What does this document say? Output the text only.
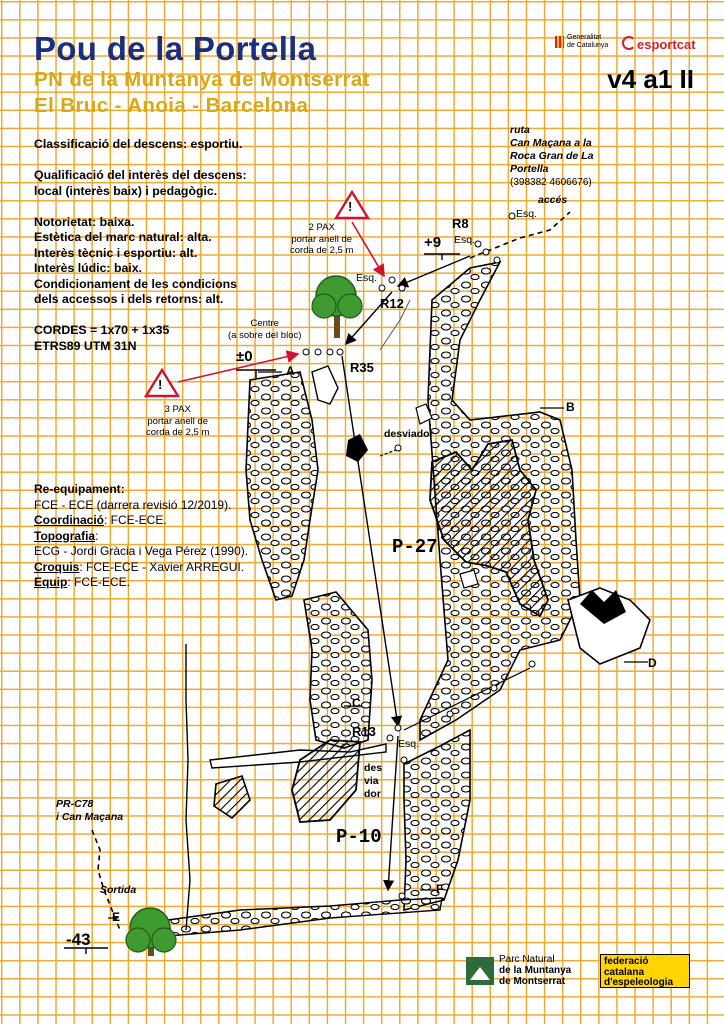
Pou de la Portella
PN de la Muntanya de Montserrat
El Bruc - Anoia - Barcelona
v4 a1 II
Generalitat
de Catalunya	esportcat

Classificació del descens: esportiu.

Qualificació del interès del descens:

local (interès baix) i pedagògic.

Notorietat: baixa.

Estètica del marc natural: alta.

Interès tècnic i esportiu: alt.

Interès lúdic: baix.

Condicionament de les condicions

dels accessos i dels retorns: alt.

CORDES = 1x70 + 1x35

ETRS89 UTM 31N

Re-equipament:

FCE - ECE (darrera revisió 12/2019).

Coordinació: FCE-ECE.

Topografia:

ECG - Jordi Gràcia i Vega Pérez (1990).

Croquis: FCE-ECE - Xavier ARREGUI.

Equip: FCE-ECE.

ruta
Can Maçana a la
Roca Gran de La
Portella
(398382 4606676)
accés
PR-C78
i Can Maçana
Sortida
R8
Esq.
Esq.
R12
Esq.
R35
Centre
(a sobre del bloc)
R13
Esq.
!
2 PAX
portar anell de
corda de 2,5 m
!
3 PAX
portar anell de
corda de 2,5 m	desviador
des
via
dor
+9
±0
-43
A
B
C
D
E
F
P-27
P-10
Parc Natural
de la Muntanya
de Montserrat
federació
catalana
d'espeleologia
